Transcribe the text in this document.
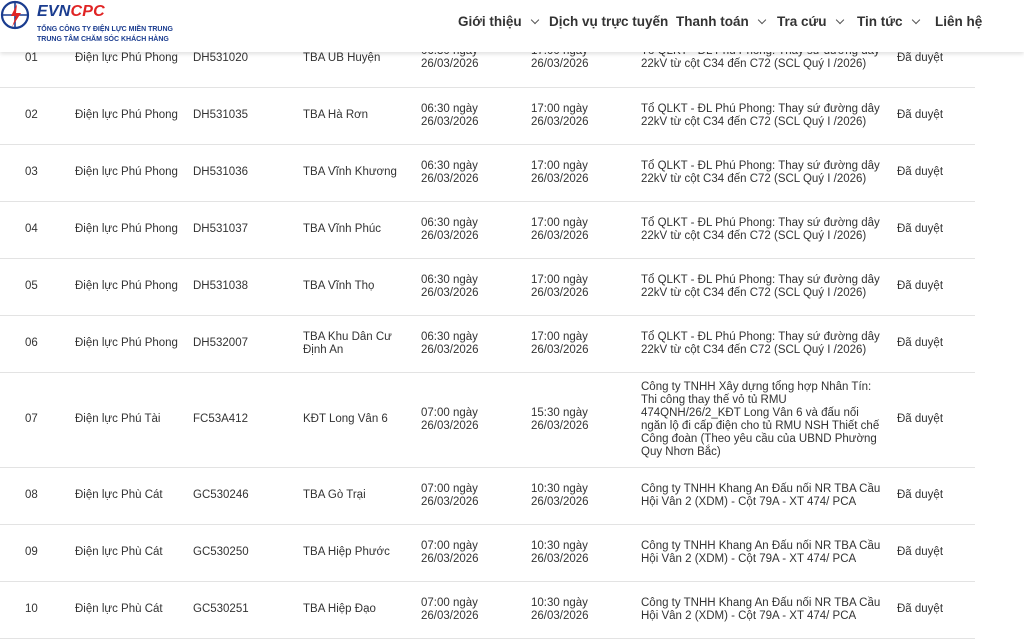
01	Điện lực Phú Phong	DH531020	TBA UB Huyện	26/03/2026	26/03/2026	22kV từ cột C34 đến C72 (SCL Quý I /2026)	Đã duyệt

02	Điện lực Phú Phong	DH531035	TBA Hà Rơn	06:30 ngày
26/03/2026	17:00 ngày
26/03/2026	Tổ QLKT - ĐL Phú Phong: Thay sứ đường dây 22kV từ cột C34 đến C72 (SCL Quý I /2026)	Đã duyệt

03	Điện lực Phú Phong	DH531036	TBA Vĩnh Khương	06:30 ngày
26/03/2026	17:00 ngày
26/03/2026	Tổ QLKT - ĐL Phú Phong: Thay sứ đường dây 22kV từ cột C34 đến C72 (SCL Quý I /2026)	Đã duyệt

04	Điện lực Phú Phong	DH531037	TBA Vĩnh Phúc	06:30 ngày
26/03/2026	17:00 ngày
26/03/2026	Tổ QLKT - ĐL Phú Phong: Thay sứ đường dây 22kV từ cột C34 đến C72 (SCL Quý I /2026)	Đã duyệt

05	Điện lực Phú Phong	DH531038	TBA Vĩnh Thọ	06:30 ngày
26/03/2026	17:00 ngày
26/03/2026	Tổ QLKT - ĐL Phú Phong: Thay sứ đường dây 22kV từ cột C34 đến C72 (SCL Quý I /2026)	Đã duyệt

06	Điện lực Phú Phong	DH532007	TBA Khu Dân Cư Định An	06:30 ngày
26/03/2026	17:00 ngày
26/03/2026	Tổ QLKT - ĐL Phú Phong: Thay sứ đường dây 22kV từ cột C34 đến C72 (SCL Quý I /2026)	Đã duyệt

07	Điện lực Phú Tài	FC53A412	KĐT Long Vân 6	07:00 ngày
26/03/2026	15:30 ngày
26/03/2026	Công ty TNHH Xây dựng tổng hợp Nhân Tín: Thi công thay thế vỏ tủ RMU 474QNH/26/2_KĐT Long Vân 6 và đấu nối ngăn lộ đi cấp điện cho tủ RMU NSH Thiết chế Công đoàn (Theo yêu cầu của UBND Phường Quy Nhơn Bắc)	Đã duyệt

08	Điện lực Phù Cát	GC530246	TBA Gò Trại	07:00 ngày
26/03/2026	10:30 ngày
26/03/2026	Công ty TNHH Khang An Đấu nối NR TBA Cầu Hội Vân 2 (XDM) - Cột 79A - XT 474/ PCA	Đã duyệt

09	Điện lực Phù Cát	GC530250	TBA Hiệp Phước	07:00 ngày
26/03/2026	10:30 ngày
26/03/2026	Công ty TNHH Khang An Đấu nối NR TBA Cầu Hội Vân 2 (XDM) - Cột 79A - XT 474/ PCA	Đã duyệt

10	Điện lực Phù Cát	GC530251	TBA Hiệp Đạo	07:00 ngày
26/03/2026	10:30 ngày
26/03/2026	Công ty TNHH Khang An Đấu nối NR TBA Cầu Hội Vân 2 (XDM) - Cột 79A - XT 474/ PCA	Đã duyệt
EVNCPC
TỔNG CÔNG TY ĐIỆN LỰC MIỀN TRUNG
TRUNG TÂM CHĂM SÓC KHÁCH HÀNG
Giới thiệu	Dịch vụ trực tuyến Thanh toán	Tra cứu	Tin tức	Liên hệ
